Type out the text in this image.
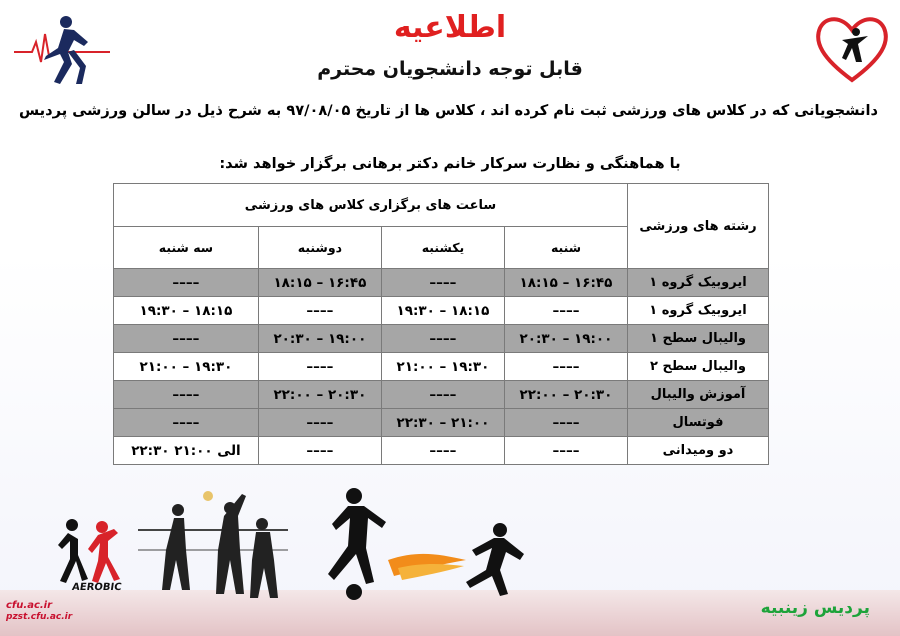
اطلاعیه
قابل توجه دانشجویان محترم
دانشجویانی که در کلاس های ورزشی ثبت نام کرده اند ، کلاس ها از تاریخ ۹۷/۰۸/۰۵ به شرح ذیل در سالن ورزشی پردیس
با هماهنگی و نظارت سرکار خانم دکتر برهانی برگزار خواهد شد:
رشته های ورزشی	ساعت های برگزاری کلاس های ورزشی			
	شنبه	یکشنبه	دوشنبه	سه شنبه
ایروبیک گروه ۱	۱۸:۱۵ – ۱۶:۴۵	––––	۱۸:۱۵ – ۱۶:۴۵	––––
ایروبیک گروه ۱	––––	۱۹:۳۰ – ۱۸:۱۵	––––	۱۹:۳۰ – ۱۸:۱۵
والیبال سطح ۱	۲۰:۳۰ – ۱۹:۰۰	––––	۲۰:۳۰ – ۱۹:۰۰	––––
والیبال سطح ۲	––––	۲۱:۰۰ – ۱۹:۳۰	––––	۲۱:۰۰ – ۱۹:۳۰
آموزش والیبال	۲۲:۰۰ – ۲۰:۳۰	––––	۲۲:۰۰ – ۲۰:۳۰	––––
فوتسال	––––	۲۲:۳۰ – ۲۱:۰۰	––––	––––
دو ومیدانی	––––	––––	––––	۲۲:۳۰ الی ۲۱:۰۰
AEROBIC
cfu.ac.ir
pzst.cfu.ac.ir	پردیس زینبیه
